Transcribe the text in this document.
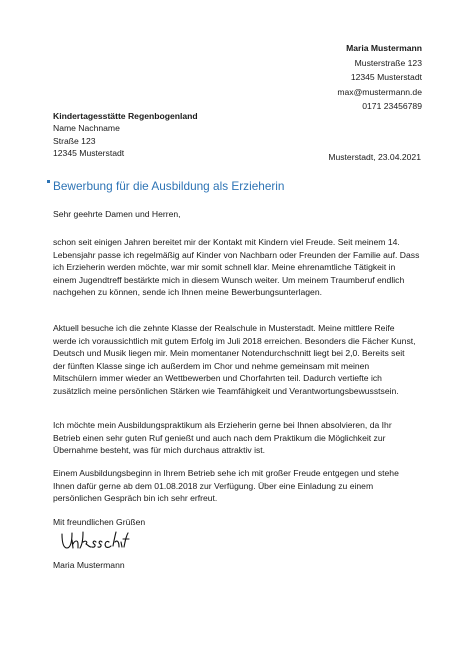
Maria Mustermann
Musterstraße 123
12345 Musterstadt
max@mustermann.de
0171 23456789
Kindertagesstätte Regenbogenland
Name Nachname
Straße 123
12345 Musterstadt	Musterstadt, 23.04.2021
Bewerbung für die Ausbildung als Erzieherin
Sehr geehrte Damen und Herren,
schon seit einigen Jahren bereitet mir der Kontakt mit Kindern viel Freude. Seit meinem 14.
Lebensjahr passe ich regelmäßig auf Kinder von Nachbarn oder Freunden der Familie auf. Dass
ich Erzieherin werden möchte, war mir somit schnell klar. Meine ehrenamtliche Tätigkeit in
einem Jugendtreff bestärkte mich in diesem Wunsch weiter. Um meinem Traumberuf endlich
nachgehen zu können, sende ich Ihnen meine Bewerbungsunterlagen.
Aktuell besuche ich die zehnte Klasse der Realschule in Musterstadt. Meine mittlere Reife
werde ich voraussichtlich mit gutem Erfolg im Juli 2018 erreichen. Besonders die Fächer Kunst,
Deutsch und Musik liegen mir. Mein momentaner Notendurchschnitt liegt bei 2,0. Bereits seit
der fünften Klasse singe ich außerdem im Chor und nehme gemeinsam mit meinen
Mitschülern immer wieder an Wettbewerben und Chorfahrten teil. Dadurch vertiefte ich
zusätzlich meine persönlichen Stärken wie Teamfähigkeit und Verantwortungsbewusstsein.
Ich möchte mein Ausbildungspraktikum als Erzieherin gerne bei Ihnen absolvieren, da Ihr
Betrieb einen sehr guten Ruf genießt und auch nach dem Praktikum die Möglichkeit zur
Übernahme besteht, was für mich durchaus attraktiv ist.
Einem Ausbildungsbeginn in Ihrem Betrieb sehe ich mit großer Freude entgegen und stehe
Ihnen dafür gerne ab dem 01.08.2018 zur Verfügung. Über eine Einladung zu einem
persönlichen Gespräch bin ich sehr erfreut.
Mit freundlichen Grüßen
Maria Mustermann
